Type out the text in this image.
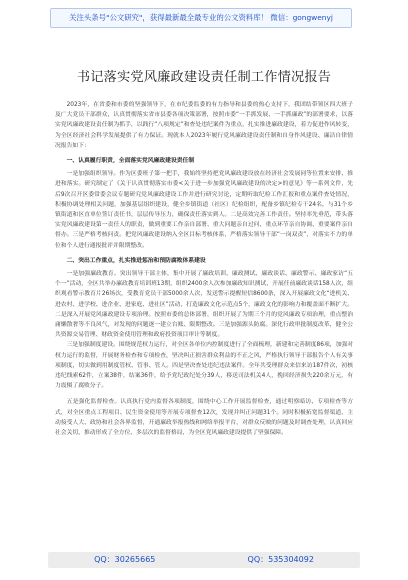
关注头条号"公文研究"，获得最新最全最专业的公文资料库！ 微信：gongwenyj
书记落实党风廉政建设责任制工作情况报告

2023年，在省委和市委的坚强领导下，在市纪委监委的有力指导和县委的热心支持下，我团结带领区四大班子及广大党员干部群众，认真贯彻落实省市县委各项决策部署，按照市委“一手抓发展、一手抓廉政”的部署要求，以落实党风廉政建设责任制为抓手，以践行“八项规定”和查处违纪案件为重点，扎实推进廉政建设，着力促进作风转变，为全区经济社会科学发展提供了有力保证。现就本人2023年履行党风廉政建设责任制和自身作风建设、廉洁自律情况报告如下：

一、认真履行职责，全面落实党风廉政建设责任制

一是加强组织领导。作为区委班子第一把手，我始终坚持把党风廉政建设放在经济社会发展同等位置来安排、推进和落实。研究制定了《关于认真贯彻落实市委<关于进一步加强党风廉政建设的决定>的意见》等一系列文件，先后9次召开区委常委会议专题研究党风廉政建设工作并进行研究讨论，定期听取纪检工作汇报和重点案件查处情况，积极协调处理相关问题，加强基层组织建设，健全乡镇街道（社区）纪检组织，配备乡镇纪检专干24名，与31个乡镇街道和区直单位签订责任书，层层传导压力，确保责任落实到人。二是高效完善工作责任。坚持率先垂范，带头落实党风廉政建设第一责任人的职责，做到重要工作亲自部署、重大问题亲自过问、重点环节亲自协调、重要案件亲自督办。三是严格考核问责。把党风廉政建设纳入全区目标考核体系，严格落实领导干部“一岗双责”，对落实不力的单位和个人进行通报批评并限期整改。

二、突出工作重点，扎实推进惩治和预防腐败体系建设

一是加强廉政教育。突出领导干部主体，集中开展了廉政培训、廉政测试、廉政谈话、廉政警示、廉政家访“五个一”活动，全区共举办廉政教育培训班13期，组织2400余人次参加廉政知识测试，开展任前廉政谈话158人次，组织观看警示教育片26场次，受教育党员干部5000余人次，发送警示提醒短信8600条，深入开展廉政文化“进机关、进农村、进学校、进企业、进家庭、进社区”活动，打造廉政文化示范点5个，廉政文化的影响力和覆盖面不断扩大。二是深入开展党风廉政建设专项治理。按照市委的总体部署，组织开展了为期三个月的党风廉政专项治理，重点整治庸懒散奢等不良风气，对发现的问题逐一建立台账、限期整改。三是加强源头防腐。深化行政审批制度改革，健全公共资源交易管理、财政资金使用管理和政府投资项目审计等制度。

三是加强制度建设。围绕规范权力运行，对全区各单位内控制度进行了全面梳理，新建和完善制度86项，加强对权力运行的监督，开展财务检查和专项检查，坚决纠正损害群众利益的不正之风，严格执行领导干部报告个人有关事项制度，切实做到用制度管权、管事、管人。四是坚决查处违纪违法案件。全年共受理群众来信来访187件次，初核违纪线索62件，立案38件，结案36件，给予党纪政纪处分39人，移送司法机关4人，挽回经济损失220余万元，有力震慑了腐败分子。

五是强化监督检查。认真执行党内监督各项制度，围绕中心工作开展监督检查，通过明察暗访、专项检查等方式，对全区重点工程项目、民生资金使用等开展专项督查12次，发现并纠正问题31个。同时积极拓宽监督渠道，主动接受人大、政协和社会各界监督，开通廉政举报热线和网络举报平台，对群众反映的问题及时调查处理，认真回应社会关切，推动形成了全方位、多层次的监督格局，为全区党风廉政建设提供了坚强保障。

QQ：30265665	QQ：535304092
